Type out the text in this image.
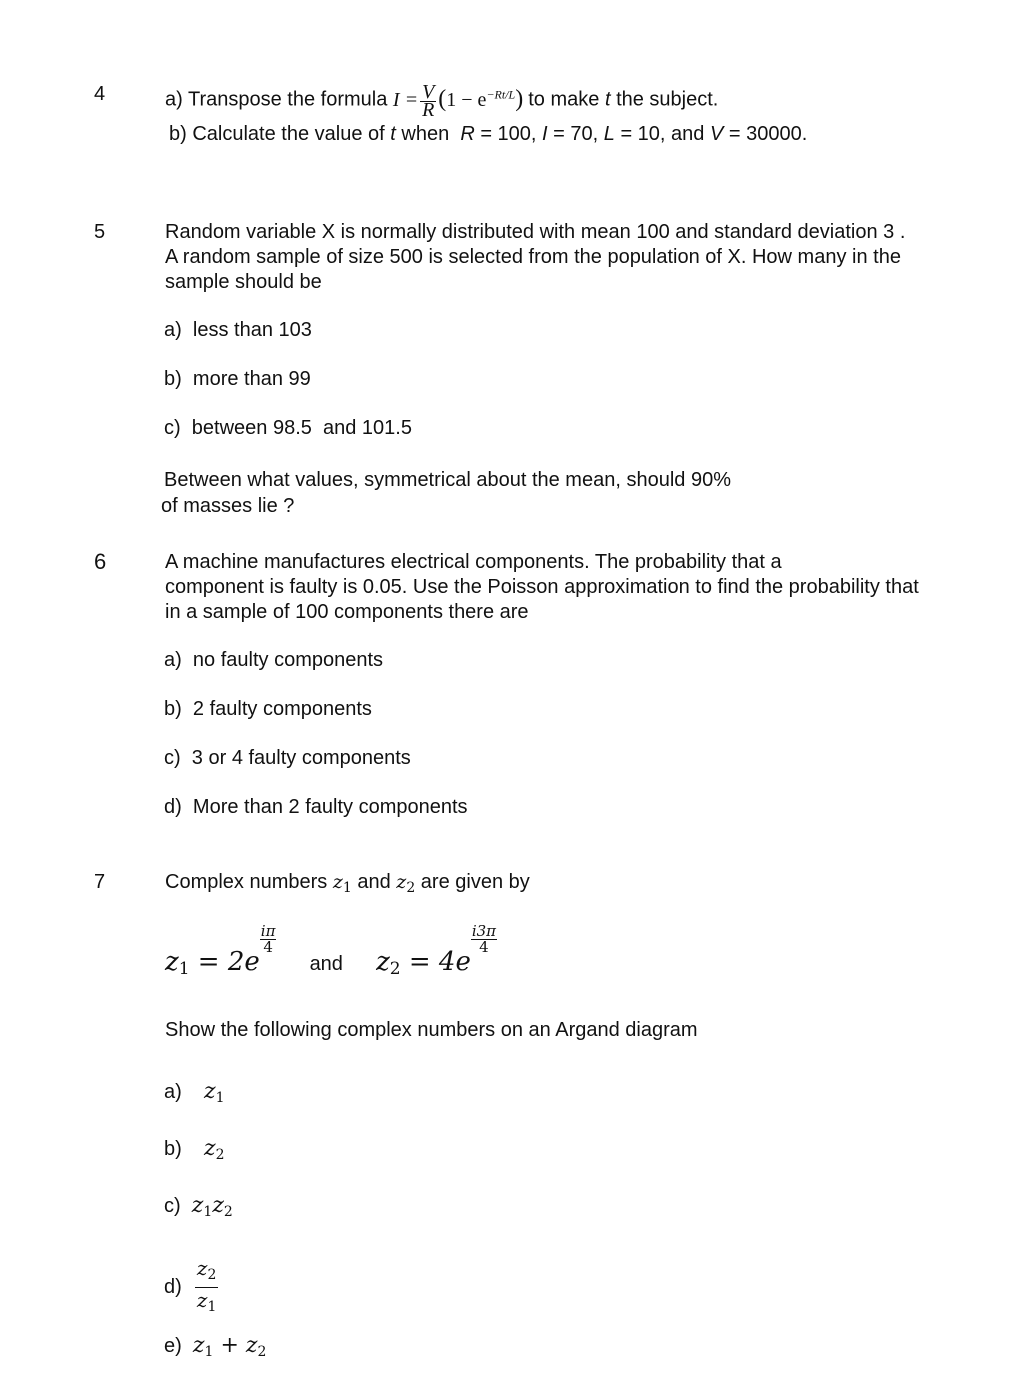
4	a) Transpose the formula $I = \frac{V}{R} (1 - e^{-Rt/L})$ to make t the subject.
b) Calculate the value of t when R = 100, I = 70, L = 10, and V = 30000.
5	Random variable X is normally distributed with mean 100 and standard deviation 3 .
A random sample of size 500 is selected from the population of X. How many in the
sample should be
a) less than 103
b) more than 99
c) between 98.5  and 101.5
Between what values, symmetrical about the mean, should 90%
of masses lie ?
6	A machine manufactures electrical components. The probability that a
component is faulty is 0.05. Use the Poisson approximation to find the probability that
in a sample of 100 components there are
a) no faulty components
b) 2 faulty components
c) 3 or 4 faulty components
d) More than 2 faulty components
7	Complex numbers $z_1$ and $z_2$ are given by
$z_1 = 2e$
$\frac{i\pi}{4}$
and $z_2 = 4e$
$\frac{i3\pi}{4}$
Show the following complex numbers on an Argand diagram
a) $z_1$
b) $z_2$
c) $z_1z_2$
$d) \frac{z_2}{z_1}$
e) $z_1 + z_2$
